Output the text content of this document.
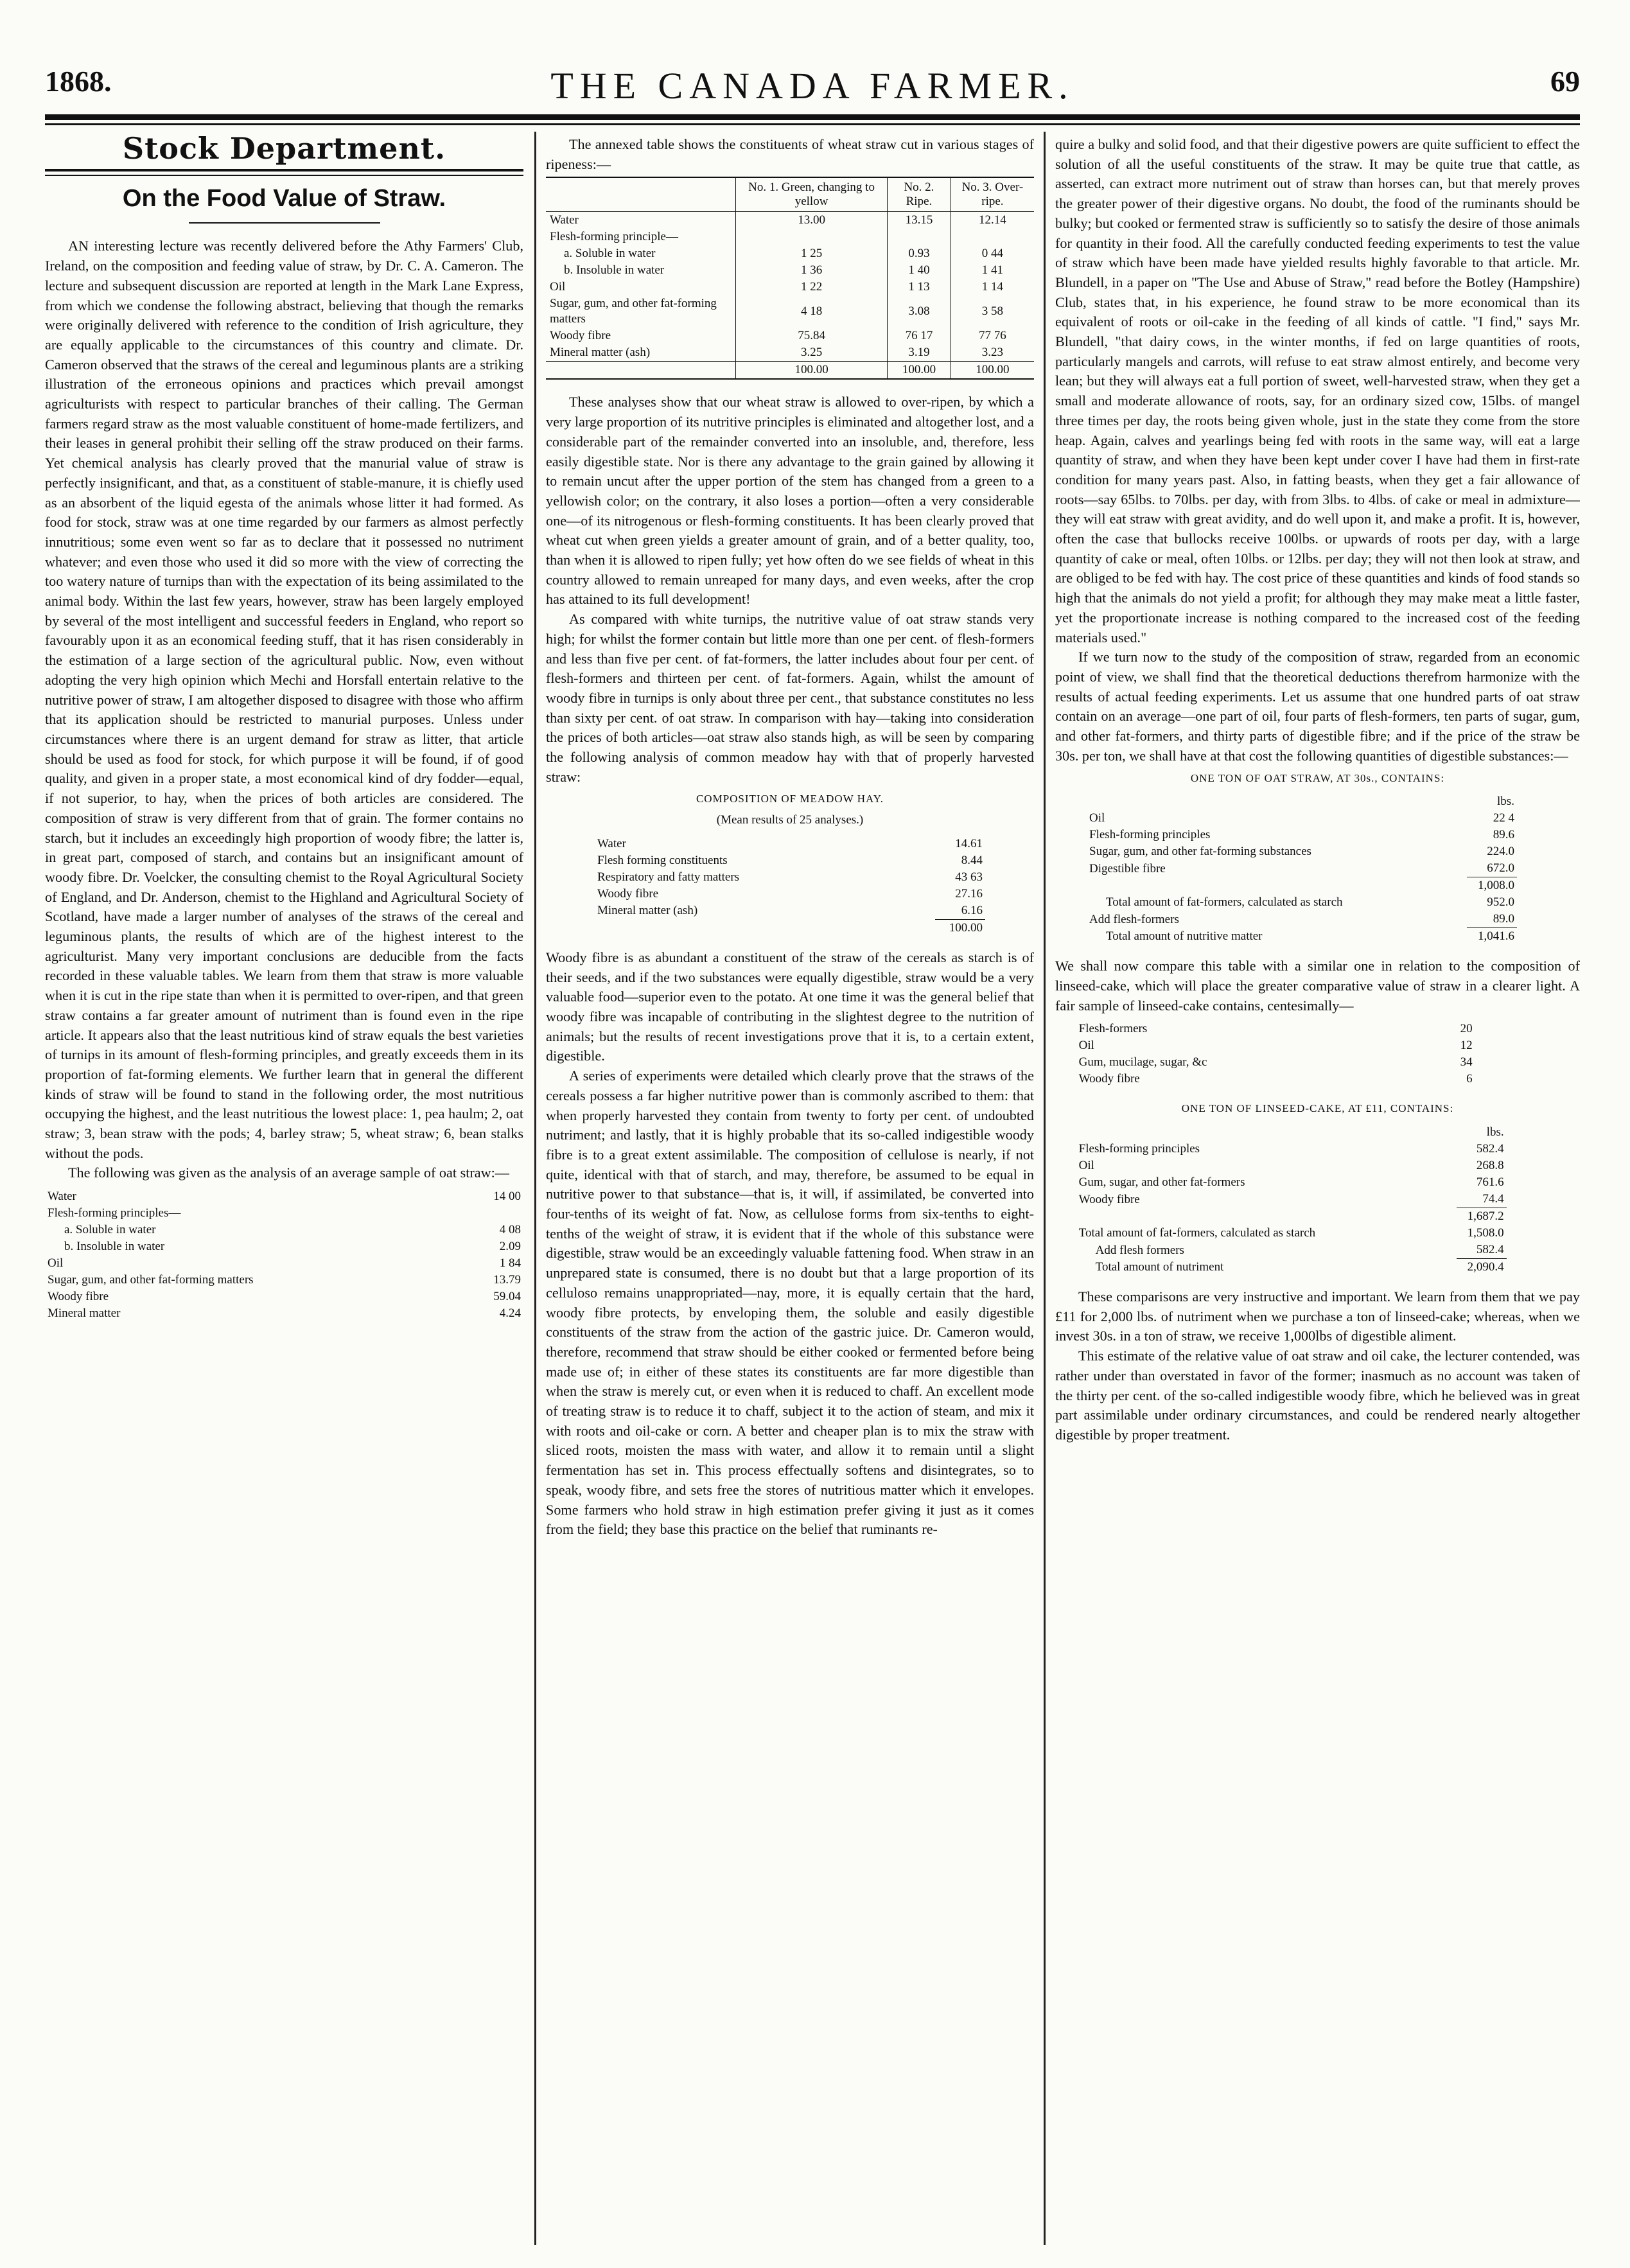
1868.	THE CANADA FARMER.	69
Stock Department.
On the Food Value of Straw.

AN interesting lecture was recently delivered before the Athy Farmers' Club, Ireland, on the composition and feeding value of straw, by Dr. C. A. Cameron. The lecture and subsequent discussion are reported at length in the Mark Lane Express, from which we condense the following abstract, believing that though the remarks were originally delivered with reference to the condition of Irish agriculture, they are equally applicable to the circumstances of this country and climate. Dr. Cameron observed that the straws of the cereal and leguminous plants are a striking illustration of the erroneous opinions and practices which prevail amongst agriculturists with respect to particular branches of their calling. The German farmers regard straw as the most valuable constituent of home-made fertilizers, and their leases in general prohibit their selling off the straw produced on their farms. Yet chemical analysis has clearly proved that the manurial value of straw is perfectly insignificant, and that, as a constituent of stable-manure, it is chiefly used as an absorbent of the liquid egesta of the animals whose litter it had formed. As food for stock, straw was at one time regarded by our farmers as almost perfectly innutritious; some even went so far as to declare that it possessed no nutriment whatever; and even those who used it did so more with the view of correcting the too watery nature of turnips than with the expectation of its being assimilated to the animal body. Within the last few years, however, straw has been largely employed by several of the most intelligent and successful feeders in England, who report so favourably upon it as an economical feeding stuff, that it has risen considerably in the estimation of a large section of the agricultural public. Now, even without adopting the very high opinion which Mechi and Horsfall entertain relative to the nutritive power of straw, I am altogether disposed to disagree with those who affirm that its application should be restricted to manurial purposes. Unless under circumstances where there is an urgent demand for straw as litter, that article should be used as food for stock, for which purpose it will be found, if of good quality, and given in a proper state, a most economical kind of dry fodder—equal, if not superior, to hay, when the prices of both articles are considered. The composition of straw is very different from that of grain. The former contains no starch, but it includes an exceedingly high proportion of woody fibre; the latter is, in great part, composed of starch, and contains but an insignificant amount of woody fibre. Dr. Voelcker, the consulting chemist to the Royal Agricultural Society of England, and Dr. Anderson, chemist to the Highland and Agricultural Society of Scotland, have made a larger number of analyses of the straws of the cereal and leguminous plants, the results of which are of the highest interest to the agriculturist. Many very important conclusions are deducible from the facts recorded in these valuable tables. We learn from them that straw is more valuable when it is cut in the ripe state than when it is permitted to over-ripen, and that green straw contains a far greater amount of nutriment than is found even in the ripe article. It appears also that the least nutritious kind of straw equals the best varieties of turnips in its amount of flesh-forming principles, and greatly exceeds them in its proportion of fat-forming elements. We further learn that in general the different kinds of straw will be found to stand in the following order, the most nutritious occupying the highest, and the least nutritious the lowest place: 1, pea haulm; 2, oat straw; 3, bean straw with the pods; 4, barley straw; 5, wheat straw; 6, bean stalks without the pods.

The following was given as the analysis of an average sample of oat straw:—

Water	14 00
Flesh-forming principles—	
a. Soluble in water	4 08
b. Insoluble in water	2.09
Oil	1 84
Sugar, gum, and other fat-forming matters	13.79
Woody fibre	59.04
Mineral matter	4.24

The annexed table shows the constituents of wheat straw cut in various stages of ripeness:—

	No. 1. Green, changing to yellow	No. 2. Ripe.	No. 3. Over-ripe.
Water	13.00	13.15	12.14
Flesh-forming principle—			
a. Soluble in water	1 25	0.93	0 44
b. Insoluble in water	1 36	1 40	1 41
Oil	1 22	1 13	1 14
Sugar, gum, and other fat-forming matters	4 18	3.08	3 58
Woody fibre	75.84	76 17	77 76
Mineral matter (ash)	3.25	3.19	3.23
	100.00	100.00	100.00

These analyses show that our wheat straw is allowed to over-ripen, by which a very large proportion of its nutritive principles is eliminated and altogether lost, and a considerable part of the remainder converted into an insoluble, and, therefore, less easily digestible state. Nor is there any advantage to the grain gained by allowing it to remain uncut after the upper portion of the stem has changed from a green to a yellowish color; on the contrary, it also loses a portion—often a very considerable one—of its nitrogenous or flesh-forming constituents. It has been clearly proved that wheat cut when green yields a greater amount of grain, and of a better quality, too, than when it is allowed to ripen fully; yet how often do we see fields of wheat in this country allowed to remain unreaped for many days, and even weeks, after the crop has attained to its full development!

As compared with white turnips, the nutritive value of oat straw stands very high; for whilst the former contain but little more than one per cent. of flesh-formers and less than five per cent. of fat-formers, the latter includes about four per cent. of flesh-formers and thirteen per cent. of fat-formers. Again, whilst the amount of woody fibre in turnips is only about three per cent., that substance constitutes no less than sixty per cent. of oat straw. In comparison with hay—taking into consideration the prices of both articles—oat straw also stands high, as will be seen by comparing the following analysis of common meadow hay with that of properly harvested straw:

COMPOSITION OF MEADOW HAY.
(Mean results of 25 analyses.)
Water	14.61
Flesh forming constituents	8.44
Respiratory and fatty matters	43 63
Woody fibre	27.16
Mineral matter (ash)	6.16
	100.00

Woody fibre is as abundant a constituent of the straw of the cereals as starch is of their seeds, and if the two substances were equally digestible, straw would be a very valuable food—superior even to the potato. At one time it was the general belief that woody fibre was incapable of contributing in the slightest degree to the nutrition of animals; but the results of recent investigations prove that it is, to a certain extent, digestible.

A series of experiments were detailed which clearly prove that the straws of the cereals possess a far higher nutritive power than is commonly ascribed to them: that when properly harvested they contain from twenty to forty per cent. of undoubted nutriment; and lastly, that it is highly probable that its so-called indigestible woody fibre is to a great extent assimilable. The composition of cellulose is nearly, if not quite, identical with that of starch, and may, therefore, be assumed to be equal in nutritive power to that substance—that is, it will, if assimilated, be converted into four-tenths of its weight of fat. Now, as cellulose forms from six-tenths to eight-tenths of the weight of straw, it is evident that if the whole of this substance were digestible, straw would be an exceedingly valuable fattening food. When straw in an unprepared state is consumed, there is no doubt but that a large proportion of its celluloso remains unappropriated—nay, more, it is equally certain that the hard, woody fibre protects, by enveloping them, the soluble and easily digestible constituents of the straw from the action of the gastric juice. Dr. Cameron would, therefore, recommend that straw should be either cooked or fermented before being made use of; in either of these states its constituents are far more digestible than when the straw is merely cut, or even when it is reduced to chaff. An excellent mode of treating straw is to reduce it to chaff, subject it to the action of steam, and mix it with roots and oil-cake or corn. A better and cheaper plan is to mix the straw with sliced roots, moisten the mass with water, and allow it to remain until a slight fermentation has set in. This process effectually softens and disintegrates, so to speak, woody fibre, and sets free the stores of nutritious matter which it envelopes. Some farmers who hold straw in high estimation prefer giving it just as it comes from the field; they base this practice on the belief that ruminants re-

quire a bulky and solid food, and that their digestive powers are quite sufficient to effect the solution of all the useful constituents of the straw. It may be quite true that cattle, as asserted, can extract more nutriment out of straw than horses can, but that merely proves the greater power of their digestive organs. No doubt, the food of the ruminants should be bulky; but cooked or fermented straw is sufficiently so to satisfy the desire of those animals for quantity in their food. All the carefully conducted feeding experiments to test the value of straw which have been made have yielded results highly favorable to that article. Mr. Blundell, in a paper on "The Use and Abuse of Straw," read before the Botley (Hampshire) Club, states that, in his experience, he found straw to be more economical than its equivalent of roots or oil-cake in the feeding of all kinds of cattle. "I find," says Mr. Blundell, "that dairy cows, in the winter months, if fed on large quantities of roots, particularly mangels and carrots, will refuse to eat straw almost entirely, and become very lean; but they will always eat a full portion of sweet, well-harvested straw, when they get a small and moderate allowance of roots, say, for an ordinary sized cow, 15lbs. of mangel three times per day, the roots being given whole, just in the state they come from the store heap. Again, calves and yearlings being fed with roots in the same way, will eat a large quantity of straw, and when they have been kept under cover I have had them in first-rate condition for many years past. Also, in fatting beasts, when they get a fair allowance of roots—say 65lbs. to 70lbs. per day, with from 3lbs. to 4lbs. of cake or meal in admixture—they will eat straw with great avidity, and do well upon it, and make a profit. It is, however, often the case that bullocks receive 100lbs. or upwards of roots per day, with a large quantity of cake or meal, often 10lbs. or 12lbs. per day; they will not then look at straw, and are obliged to be fed with hay. The cost price of these quantities and kinds of food stands so high that the animals do not yield a profit; for although they may make meat a little faster, yet the proportionate increase is nothing compared to the increased cost of the feeding materials used."

If we turn now to the study of the composition of straw, regarded from an economic point of view, we shall find that the theoretical deductions therefrom harmonize with the results of actual feeding experiments. Let us assume that one hundred parts of oat straw contain on an average—one part of oil, four parts of flesh-formers, ten parts of sugar, gum, and other fat-formers, and thirty parts of digestible fibre; and if the price of the straw be 30s. per ton, we shall have at that cost the following quantities of digestible substances:—

ONE TON OF OAT STRAW, AT 30s., CONTAINS:
	lbs.
Oil	22 4
Flesh-forming principles	89.6
Sugar, gum, and other fat-forming substances	224.0
Digestible fibre	672.0
	1,008.0
Total amount of fat-formers, calculated as starch	952.0
Add flesh-formers	89.0
Total amount of nutritive matter	1,041.6

We shall now compare this table with a similar one in relation to the composition of linseed-cake, which will place the greater comparative value of straw in a clearer light. A fair sample of linseed-cake contains, centesimally—

Flesh-formers	20
Oil	12
Gum, mucilage, sugar, &c	34
Woody fibre	6
ONE TON OF LINSEED-CAKE, AT £11, CONTAINS:
	lbs.
Flesh-forming principles	582.4
Oil	268.8
Gum, sugar, and other fat-formers	761.6
Woody fibre	74.4
	1,687.2
Total amount of fat-formers, calculated as starch	1,508.0
Add flesh formers	582.4
Total amount of nutriment	2,090.4

These comparisons are very instructive and important. We learn from them that we pay £11 for 2,000 lbs. of nutriment when we purchase a ton of linseed-cake; whereas, when we invest 30s. in a ton of straw, we receive 1,000lbs of digestible aliment.

This estimate of the relative value of oat straw and oil cake, the lecturer contended, was rather under than overstated in favor of the former; inasmuch as no account was taken of the thirty per cent. of the so-called indigestible woody fibre, which he believed was in great part assimilable under ordinary circumstances, and could be rendered nearly altogether digestible by proper treatment.
